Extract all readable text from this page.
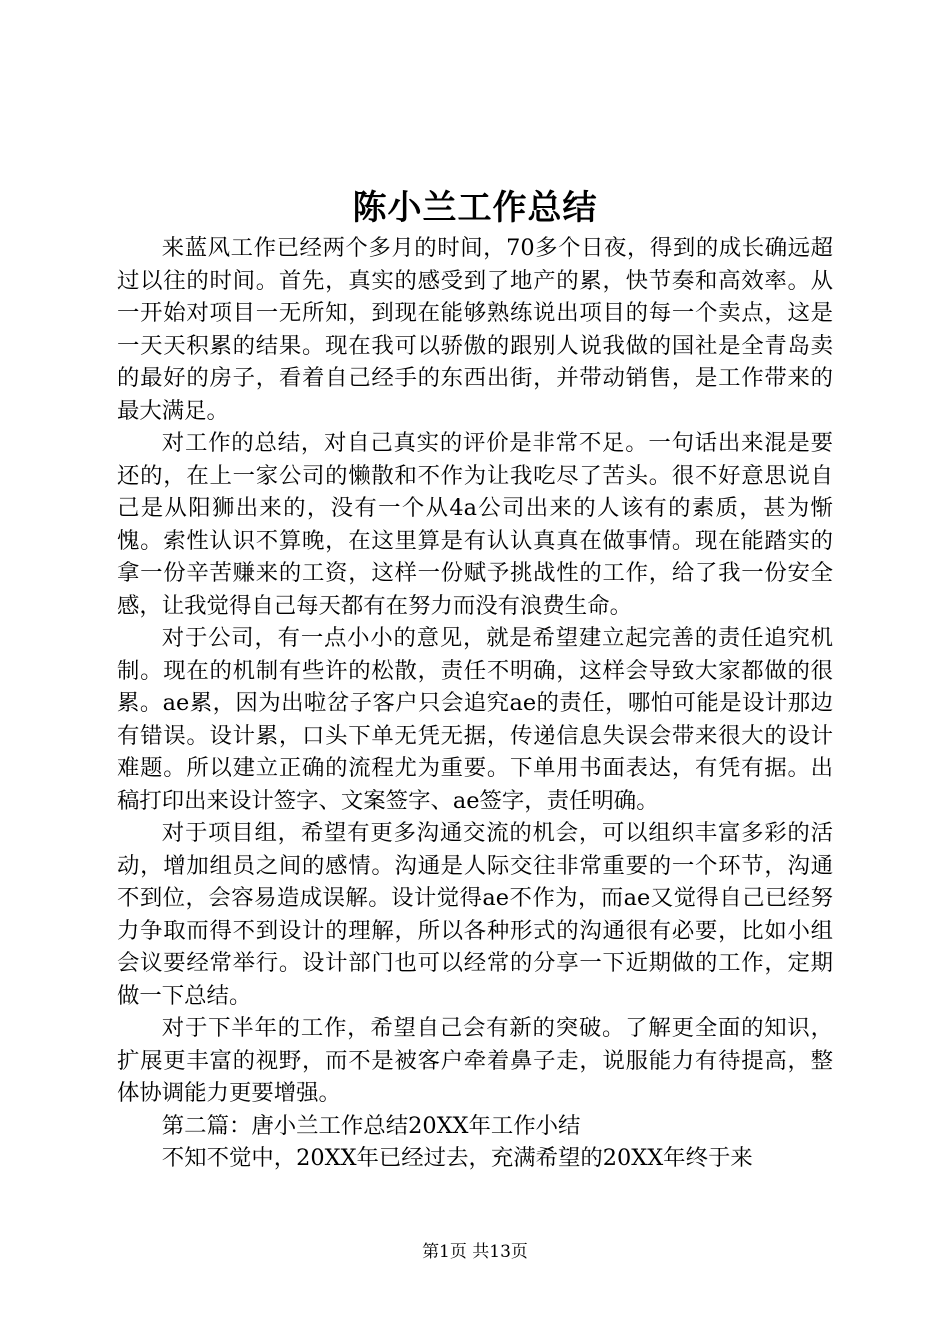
陈小兰工作总结

来蓝风工作已经两个多月的时间，70多个日夜，得到的成长确远超过以往的时间。首先，真实的感受到了地产的累，快节奏和高效率。从一开始对项目一无所知，到现在能够熟练说出项目的每一个卖点，这是一天天积累的结果。现在我可以骄傲的跟别人说我做的国社是全青岛卖的最好的房子，看着自己经手的东西出街，并带动销售，是工作带来的最大满足。

对工作的总结，对自己真实的评价是非常不足。一句话出来混是要还的，在上一家公司的懒散和不作为让我吃尽了苦头。很不好意思说自己是从阳狮出来的，没有一个从4a公司出来的人该有的素质，甚为惭愧。索性认识不算晚，在这里算是有认认真真在做事情。现在能踏实的拿一份辛苦赚来的工资，这样一份赋予挑战性的工作，给了我一份安全感，让我觉得自己每天都有在努力而没有浪费生命。

对于公司，有一点小小的意见，就是希望建立起完善的责任追究机制。现在的机制有些许的松散，责任不明确，这样会导致大家都做的很累。ae累，因为出啦岔子客户只会追究ae的责任，哪怕可能是设计那边有错误。设计累，口头下单无凭无据，传递信息失误会带来很大的设计难题。所以建立正确的流程尤为重要。下单用书面表达，有凭有据。出稿打印出来设计签字、文案签字、ae签字，责任明确。

对于项目组，希望有更多沟通交流的机会，可以组织丰富多彩的活动，增加组员之间的感情。沟通是人际交往非常重要的一个环节，沟通不到位，会容易造成误解。设计觉得ae不作为，而ae又觉得自己已经努力争取而得不到设计的理解，所以各种形式的沟通很有必要，比如小组会议要经常举行。设计部门也可以经常的分享一下近期做的工作，定期做一下总结。

对于下半年的工作，希望自己会有新的突破。了解更全面的知识，扩展更丰富的视野，而不是被客户牵着鼻子走，说服能力有待提高，整体协调能力更要增强。

第二篇：唐小兰工作总结20XX年工作小结

不知不觉中，20XX年已经过去，充满希望的20XX年终于来

第1页 共13页
